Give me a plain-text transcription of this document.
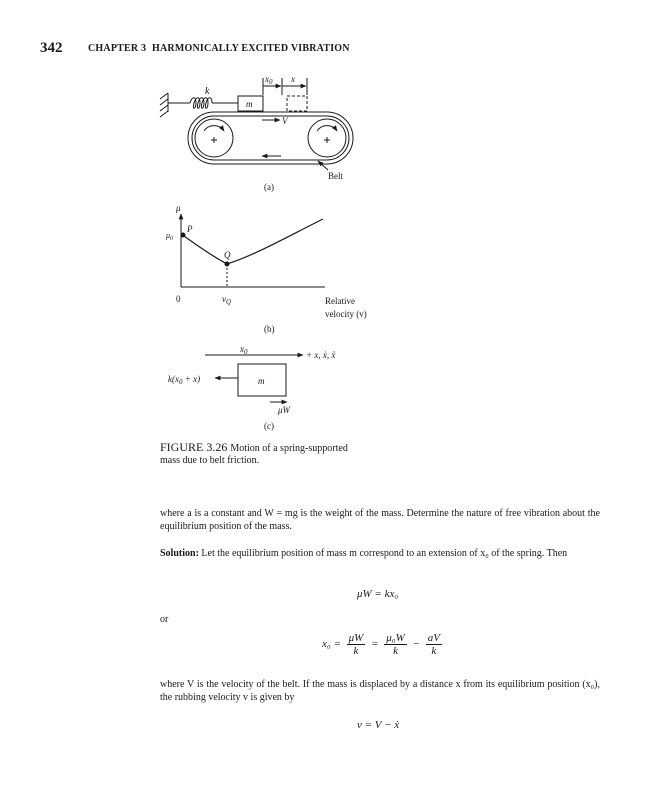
342	CHAPTER 3 HARMONICALLY EXCITED VIBRATION
k
m
$x_0$ x
V
Belt
(a)
μ
$\mu_0$
P
Q
0	$v_Q$	Relative
velocity (v)
(b)
$x_0$	+ x, ẋ, ẍ
$k(x_0 + x)$	m
μW
(c)
FIGURE 3.26 Motion of a spring-supported
mass due to belt friction.
where a is a constant and W = mg is the weight of the mass. Determine the nature of free vibration about the equilibrium position of the mass.
Solution: Let the equilibrium position of mass m correspond to an extension of x₀ of the spring. Then
μW = kx₀
or
$x_0 = \frac{\mu W}{k} = \frac{\text{μ₀W}}{k} - \frac{aV}{k}$
where V is the velocity of the belt. If the mass is displaced by a distance x from its equilibrium position (x₀), the rubbing velocity v is given by
v = V − ẋ
